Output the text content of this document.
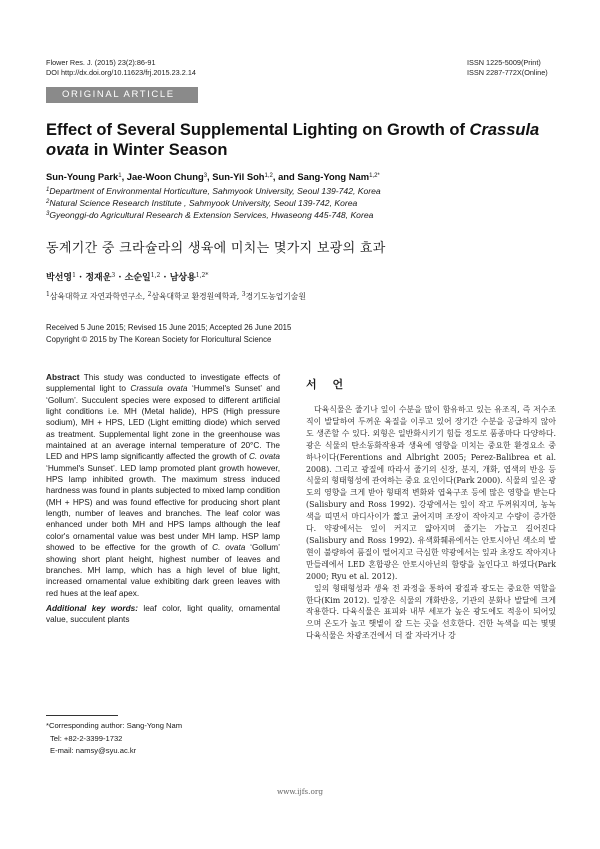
Flower Res. J. (2015) 23(2):86-91
DOI http://dx.doi.org/10.11623/frj.2015.23.2.14
ISSN 1225-5009(Print)
ISSN 2287-772X(Online)
ORIGINAL ARTICLE
Effect of Several Supplemental Lighting on Growth of Crassula ovata in Winter Season
Sun-Young Park$^1$, Jae-Woon Chung$^3$, Sun-Yil Soh$^{1,2}$, and Sang-Yong Nam$^{1,2*}$
$^1$Department of Environmental Horticulture, Sahmyook University, Seoul 139-742, Korea
$^2$Natural Science Research Institute , Sahmyook University, Seoul 139-742, Korea
$^3$Gyeonggi-do Agricultural Research & Extension Services, Hwaseong 445-748, Korea
동계기간 중 크라슐라의 생육에 미치는 몇가지 보광의 효과
박선영$^1$ · 정재운$^3$ · 소순일$^{1,2}$ · 남상용$^{1,2*}$
$^1$삼육대학교 자연과학연구소, $^2$삼육대학교 환경원예학과, $^3$경기도농업기술원
Received 5 June 2015; Revised 15 June 2015; Accepted 26 June 2015
Copyright © 2015 by The Korean Society for Floricultural Science
Abstract This study was conducted to investigate effects of supplemental light to Crassula ovata ‘Hummel's Sunset’ and ‘Gollum’. Succulent species were exposed to different artificial light conditions i.e. MH (Metal halide), HPS (High pressure sodium), MH + HPS, LED (Light emitting diode) which served as treatment. Supplemental light zone in the greenhouse was maintained at an average internal temperature of 20°C. The LED and HPS lamp significantly affected the growth of C. ovata ‘Hummel's Sunset’. LED lamp promoted plant growth however, HPS lamp inhibited growth. The maximum stress induced hardness was found in plants subjected to mixed lamp condition (MH + HPS) and was found effective for producing short plant length, number of leaves and branches. The leaf color was enhanced under both MH and HPS lamps although the leaf color's ornamental value was best under MH lamp. HSP lamp showed to be effective for the growth of C. ovata ‘Gollum’ showing short plant height, highest number of leaves and branches. MH lamp, which has a high level of blue light, increased ornamental value exhibiting dark green leaves with red hues at the leaf apex.
Additional key words: leaf color, light quality, ornamental value, succulent plants
*Corresponding author: Sang-Yong Nam
Tel: +82-2-3399-1732
E-mail: namsy@syu.ac.kr
서 언

다육식물은 줄기나 잎이 수분을 많이 함유하고 있는 유조직, 즉 저수조직이 발달하여 두꺼운 육질을 이루고 있어 장기간 수분을 공급하지 않아도 생존할 수 있다. 외형은 일반화시키기 힘들 정도로 품종마다 다양하다. 광은 식물의 탄소동화작용과 생육에 영향을 미치는 중요한 환경요소 중 하나이다(Ferentions and Albright 2005; Perez-Balibrea et al. 2008). 그리고 광질에 따라서 줄기의 신장, 분지, 개화, 엽색의 반응 등 식물의 형태형성에 관여하는 중요 요인이다(Park 2000). 식물의 잎은 광도의 영향을 크게 받아 형태적 변화와 엽육구조 등에 많은 영향을 받는다(Salisbury and Ross 1992). 강광에서는 잎이 작고 두꺼워지며, 농녹색을 띠면서 마디사이가 짧고 굵어지며 조장이 작아지고 수량이 증가한다. 약광에서는 잎이 커지고 얇아지며 줄기는 가늘고 길어진다(Salisbury and Ross 1992). 유색화훼류에서는 안토시아닌 색소의 발현이 불량하여 품질이 떨어지고 극심한 약광에서는 잎과 초장도 작아지나 만들레에서 LED 혼합광은 안토시아닌의 함량을 높인다고 하였다(Park 2000; Ryu et al. 2012).

잎의 형태형성과 생육 전 과정을 통하여 광질과 광도는 중요한 역할을 한다(Kim 2012). 일장은 식물의 개화반응, 기관의 분화나 발달에 크게 작용한다. 다육식물은 표피와 내부 세포가 높은 광도에도 적응이 되어있으며 온도가 높고 햇볕이 잘 드는 곳을 선호한다. 건한 녹색을 띠는 몇몇 다육식물은 차광조건에서 더 잘 자라거나 강

www.ijfs.org
